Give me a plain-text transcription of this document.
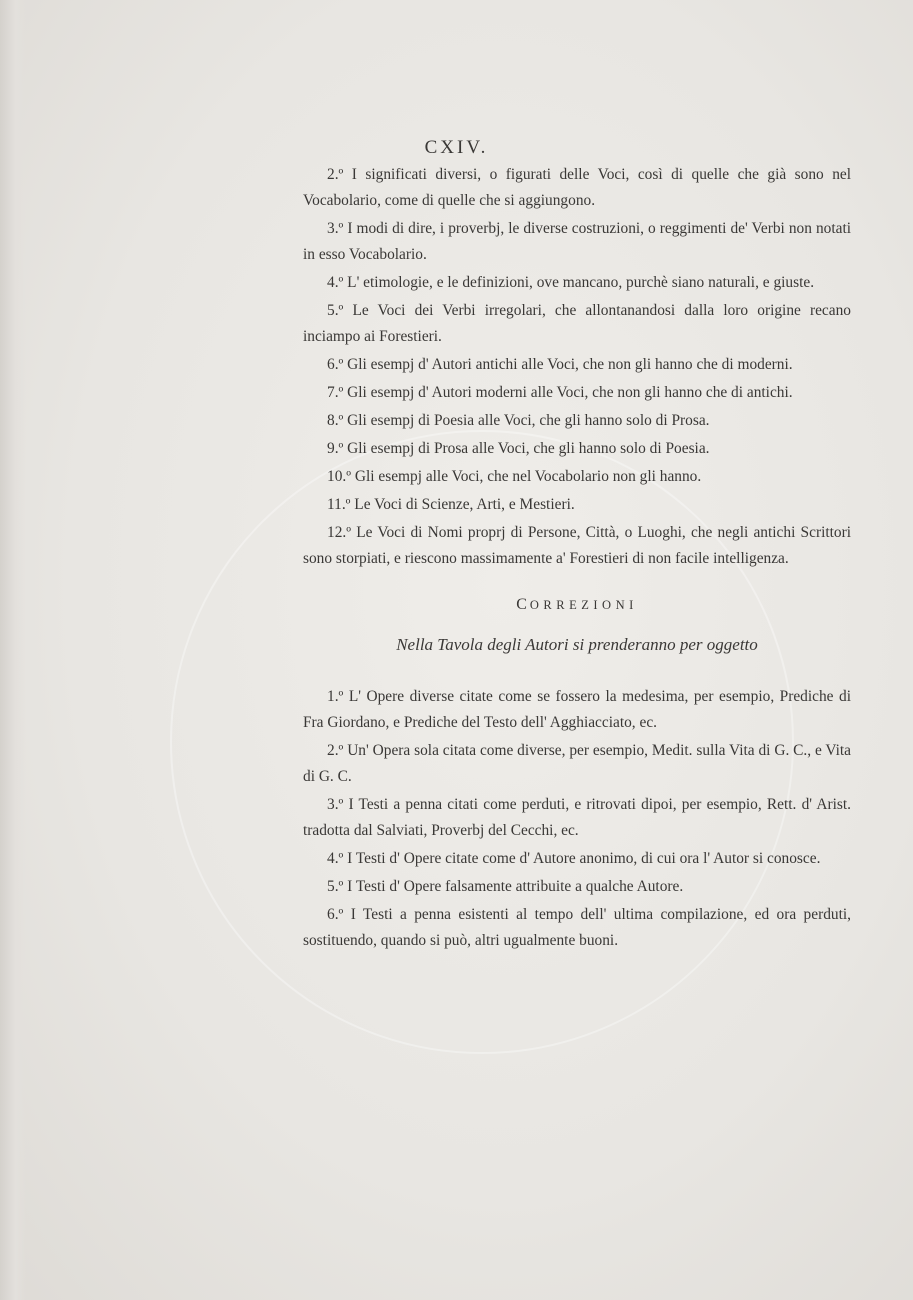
CXIV.

2.º I significati diversi, o figurati delle Voci, così di quelle che già sono nel Vocabolario, come di quelle che si aggiungono.

3.º I modi di dire, i proverbj, le diverse costruzioni, o reggimenti de' Verbi non notati in esso Vocabolario.

4.º L' etimologie, e le definizioni, ove mancano, purchè siano naturali, e giuste.

5.º Le Voci dei Verbi irregolari, che allontanandosi dalla loro origine recano inciampo ai Forestieri.

6.º Gli esempj d' Autori antichi alle Voci, che non gli hanno che di moderni.

7.º Gli esempj d' Autori moderni alle Voci, che non gli hanno che di antichi.

8.º Gli esempj di Poesia alle Voci, che gli hanno solo di Prosa.

9.º Gli esempj di Prosa alle Voci, che gli hanno solo di Poesia.

10.º Gli esempj alle Voci, che nel Vocabolario non gli hanno.

11.º Le Voci di Scienze, Arti, e Mestieri.

12.º Le Voci di Nomi proprj di Persone, Città, o Luoghi, che negli antichi Scrittori sono storpiati, e riescono massimamente a' Forestieri di non facile intelligenza.

CORREZIONI
Nella Tavola degli Autori si prenderanno per oggetto

1.º L' Opere diverse citate come se fossero la medesima, per esempio, Prediche di Fra Giordano, e Prediche del Testo dell' Agghiacciato, ec.

2.º Un' Opera sola citata come diverse, per esempio, Medit. sulla Vita di G. C., e Vita di G. C.

3.º I Testi a penna citati come perduti, e ritrovati dipoi, per esempio, Rett. d' Arist. tradotta dal Salviati, Proverbj del Cecchi, ec.

4.º I Testi d' Opere citate come d' Autore anonimo, di cui ora l' Autor si conosce.

5.º I Testi d' Opere falsamente attribuite a qualche Autore.

6.º I Testi a penna esistenti al tempo dell' ultima compilazione, ed ora perduti, sostituendo, quando si può, altri ugualmente buoni.
